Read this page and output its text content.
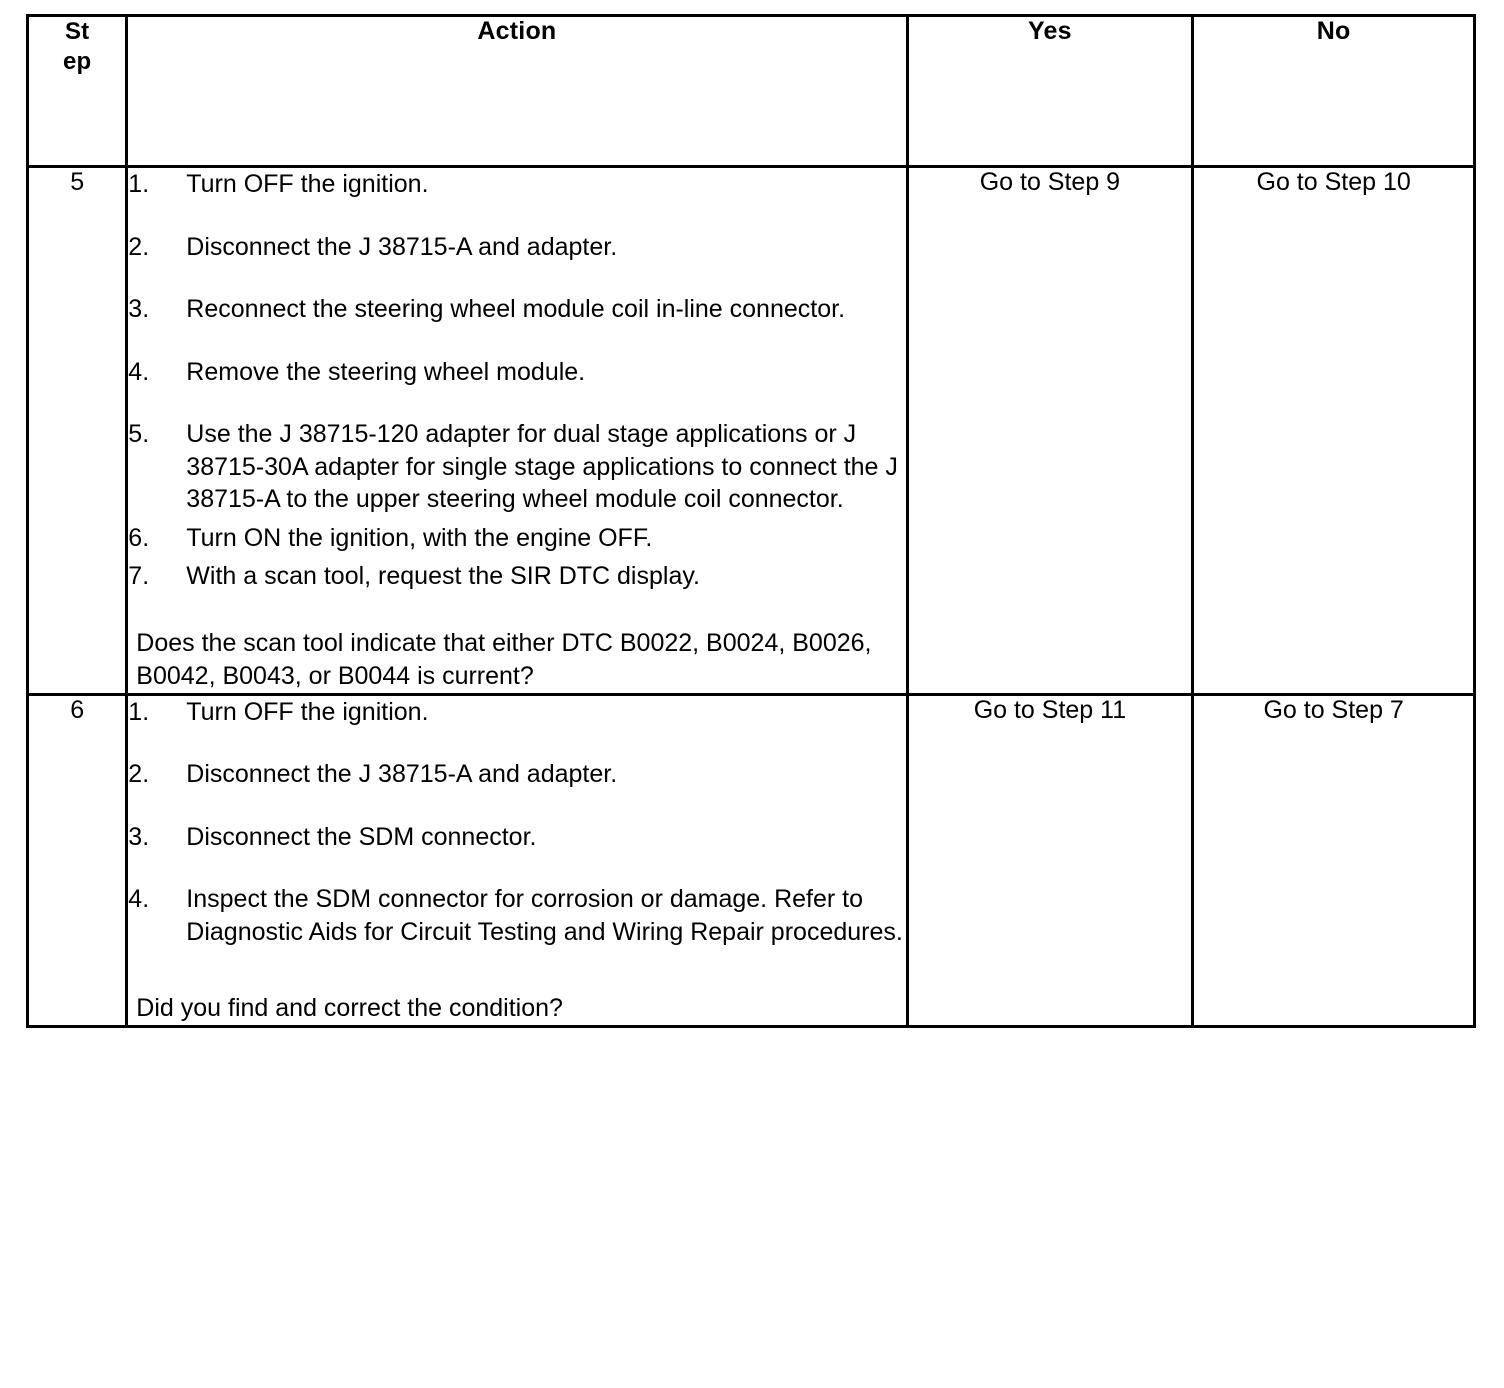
St
ep	Action	Yes	No
5	1.	Turn OFF the ignition.
2.	Disconnect the J 38715-A and adapter.
3.	Reconnect the steering wheel module coil in-line connector.
4.	Remove the steering wheel module.
5.	Use the J 38715-120 adapter for dual stage applications or J 38715-30A adapter for single stage applications to connect the J 38715-A to the upper steering wheel module coil connector.
6.	Turn ON the ignition, with the engine OFF.
7.	With a scan tool, request the SIR DTC display.
Does the scan tool indicate that either DTC B0022, B0024, B0026, B0042, B0043, or B0044 is current?
	Go to Step 9	Go to Step 10
6	1.	Turn OFF the ignition.
2.	Disconnect the J 38715-A and adapter.
3.	Disconnect the SDM connector.
4.	Inspect the SDM connector for corrosion or damage. Refer to Diagnostic Aids for Circuit Testing and Wiring Repair procedures.
Did you find and correct the condition?
	Go to Step 11	Go to Step 7
